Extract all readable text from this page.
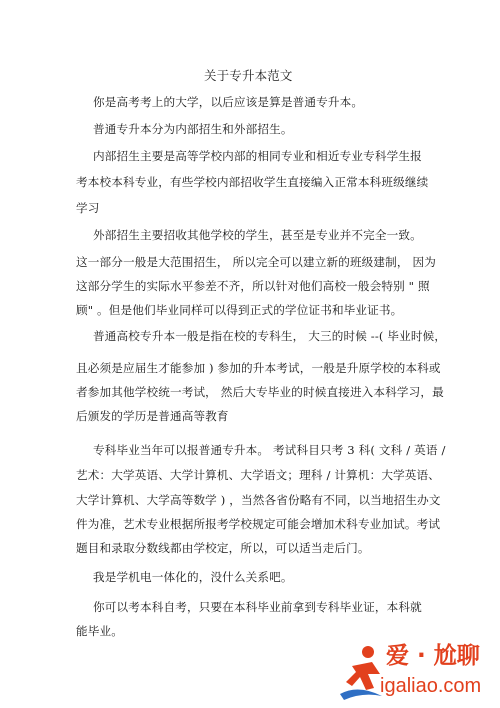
关于专升本范文
你是高考考上的大学，以后应该是算是普通专升本。
普通专升本分为内部招生和外部招生。
内部招生主要是高等学校内部的相同专业和相近专业专科学生报
考本校本科专业，有些学校内部招收学生直接编入正常本科班级继续
学习
外部招生主要招收其他学校的学生，甚至是专业并不完全一致。
这一部分一般是大范围招生， 所以完全可以建立新的班级建制， 因为
这部分学生的实际水平参差不齐，所以针对他们高校一般会特别 " 照
顾" 。但是他们毕业同样可以得到正式的学位证书和毕业证书。
普通高校专升本一般是指在校的专科生， 大三的时候 --( 毕业时候，
且必须是应届生才能参加 ) 参加的升本考试，一般是升原学校的本科或
者参加其他学校统一考试， 然后大专毕业的时候直接进入本科学习，最
后颁发的学历是普通高等教育
专科毕业当年可以报普通专升本。 考试科目只考 3 科( 文科 / 英语 /
艺术：大学英语、大学计算机、大学语文；理科 / 计算机：大学英语、
大学计算机、大学高等数学 ) ，当然各省份略有不同，以当地招生办文
件为准，艺术专业根据所报考学校规定可能会增加术科专业加试。考试
题目和录取分数线都由学校定，所以，可以适当走后门。
我是学机电一体化的，没什么关系吧。
你可以考本科自考，只要在本科毕业前拿到专科毕业证，本科就
能毕业。
爱 · 尬聊
igaliao.com
